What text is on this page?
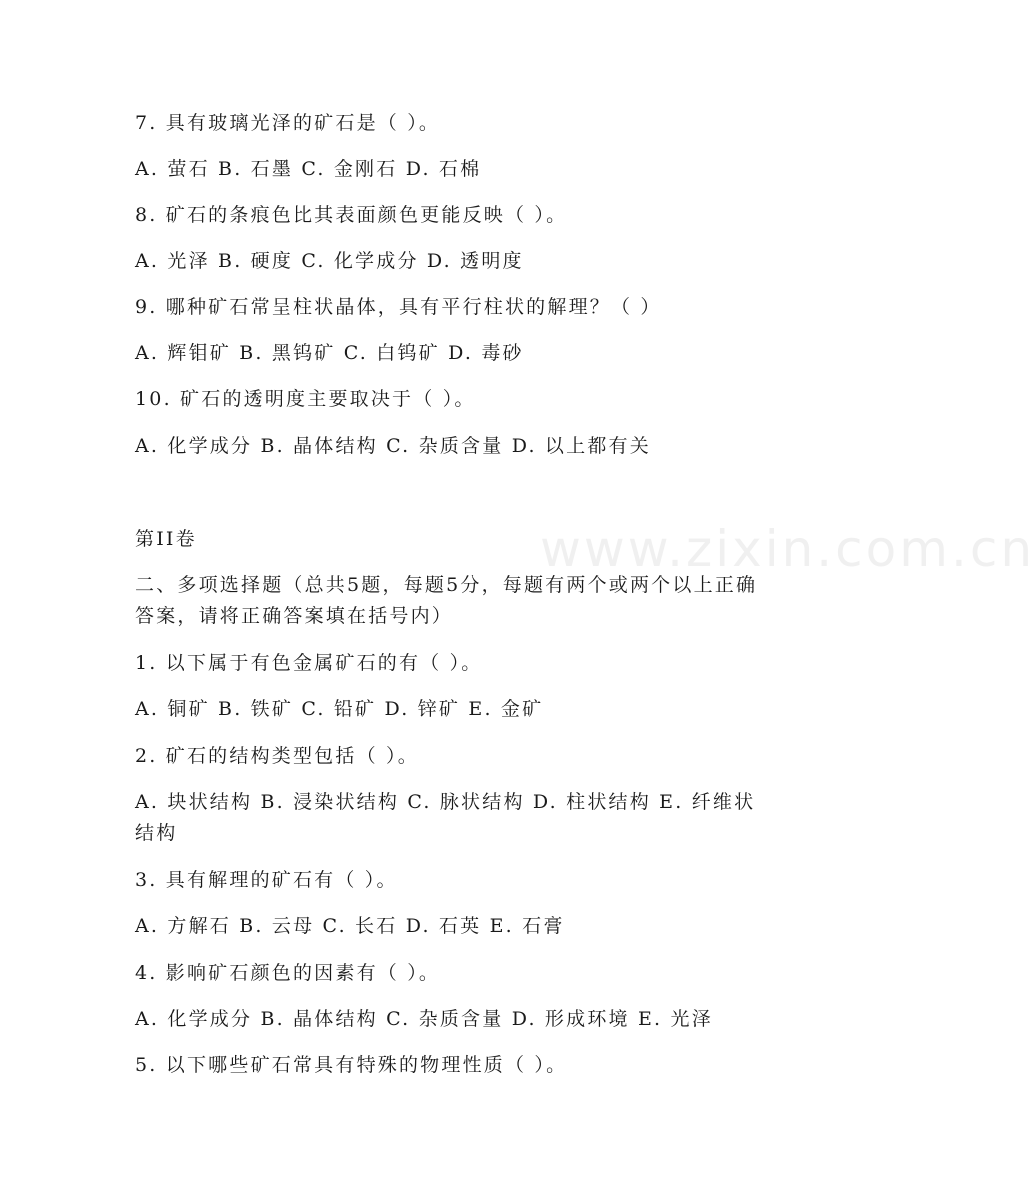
www.zixin.com.cn
7. 具有玻璃光泽的矿石是（ ）。
A. 萤石 B. 石墨 C. 金刚石 D. 石棉
8. 矿石的条痕色比其表面颜色更能反映（ ）。
A. 光泽 B. 硬度 C. 化学成分 D. 透明度
9. 哪种矿石常呈柱状晶体，具有平行柱状的解理？（ ）
A. 辉钼矿 B. 黑钨矿 C. 白钨矿 D. 毒砂
10. 矿石的透明度主要取决于（ ）。
A. 化学成分 B. 晶体结构 C. 杂质含量 D. 以上都有关
第II卷
二、多项选择题（总共5题，每题5分，每题有两个或两个以上正确答案，请将正确答案填在括号内）
1. 以下属于有色金属矿石的有（ ）。
A. 铜矿 B. 铁矿 C. 铅矿 D. 锌矿 E. 金矿
2. 矿石的结构类型包括（ ）。
A. 块状结构 B. 浸染状结构 C. 脉状结构 D. 柱状结构 E. 纤维状结构
3. 具有解理的矿石有（ ）。
A. 方解石 B. 云母 C. 长石 D. 石英 E. 石膏
4. 影响矿石颜色的因素有（ ）。
A. 化学成分 B. 晶体结构 C. 杂质含量 D. 形成环境 E. 光泽
5. 以下哪些矿石常具有特殊的物理性质（ ）。
